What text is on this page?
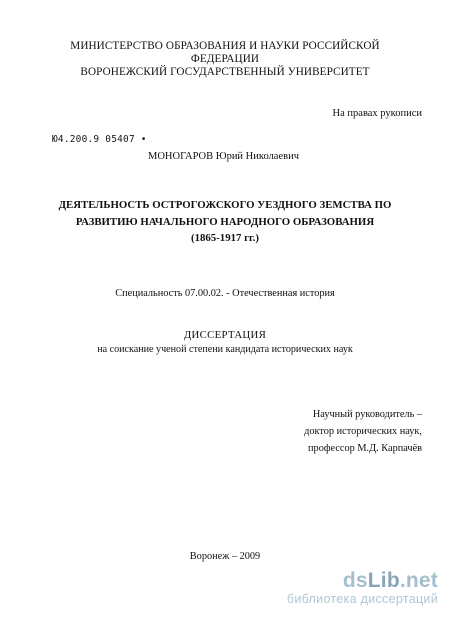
МИНИСТЕРСТВО ОБРАЗОВАНИЯ И НАУКИ РОССИЙСКОЙ
ФЕДЕРАЦИИ
ВОРОНЕЖСКИЙ ГОСУДАРСТВЕННЫЙ УНИВЕРСИТЕТ
На правах рукописи
Ю4.200.9 05407 •
МОНОГАРОВ Юрий Николаевич
ДЕЯТЕЛЬНОСТЬ ОСТРОГОЖСКОГО УЕЗДНОГО ЗЕМСТВА ПО
РАЗВИТИЮ НАЧАЛЬНОГО НАРОДНОГО ОБРАЗОВАНИЯ
(1865-1917 гг.)
Специальность 07.00.02. - Отечественная история
ДИССЕРТАЦИЯ
на соискание ученой степени кандидата исторических наук
Научный руководитель –
доктор исторических наук,
профессор М.Д. Карпачёв
Воронеж – 2009
dsLib.net
библиотека диссертаций
